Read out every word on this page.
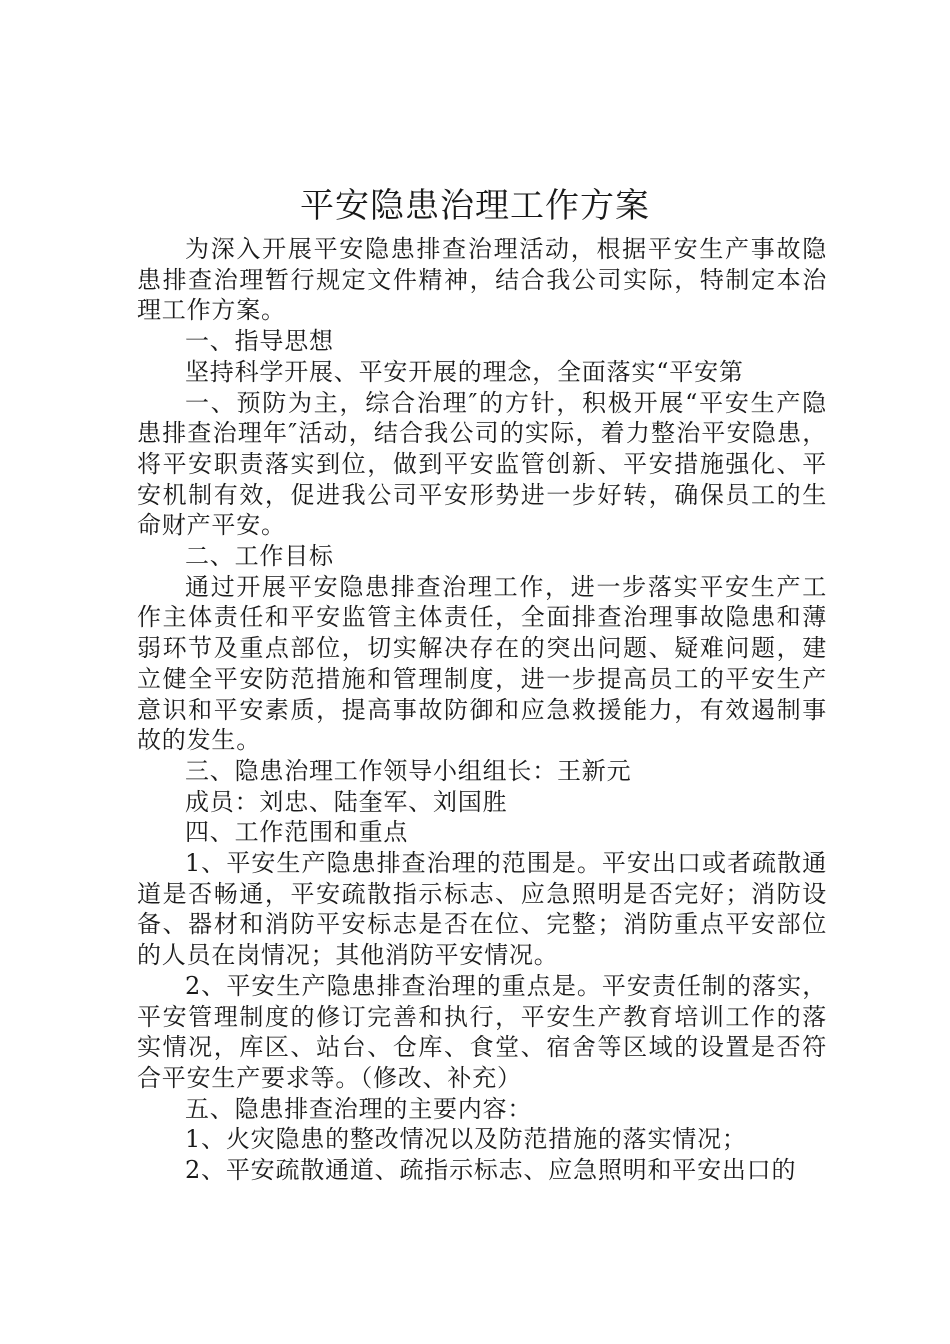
平安隐患治理工作方案

为深入开展平安隐患排查治理活动，根据平安生产事故隐患排查治理暂行规定文件精神，结合我公司实际，特制定本治理工作方案。

一、指导思想

坚持科学开展、平安开展的理念，全面落实“平安第

一、预防为主，综合治理″的方针，积极开展“平安生产隐患排查治理年″活动，结合我公司的实际，着力整治平安隐患，将平安职责落实到位，做到平安监管创新、平安措施强化、平安机制有效，促进我公司平安形势进一步好转，确保员工的生命财产平安。

二、工作目标

通过开展平安隐患排查治理工作，进一步落实平安生产工作主体责任和平安监管主体责任，全面排查治理事故隐患和薄弱环节及重点部位，切实解决存在的突出问题、疑难问题，建立健全平安防范措施和管理制度，进一步提高员工的平安生产意识和平安素质，提高事故防御和应急救援能力，有效遏制事故的发生。

三、隐患治理工作领导小组组长：王新元

成员：刘忠、陆奎军、刘国胜

四、工作范围和重点

1、平安生产隐患排查治理的范围是。平安出口或者疏散通道是否畅通，平安疏散指示标志、应急照明是否完好；消防设备、器材和消防平安标志是否在位、完整；消防重点平安部位的人员在岗情况；其他消防平安情况。

2、平安生产隐患排查治理的重点是。平安责任制的落实，平安管理制度的修订完善和执行，平安生产教育培训工作的落实情况，库区、站台、仓库、食堂、宿舍等区域的设置是否符合平安生产要求等。（修改、补充）

五、隐患排查治理的主要内容：

1、火灾隐患的整改情况以及防范措施的落实情况；

2、平安疏散通道、疏指示标志、应急照明和平安出口的
